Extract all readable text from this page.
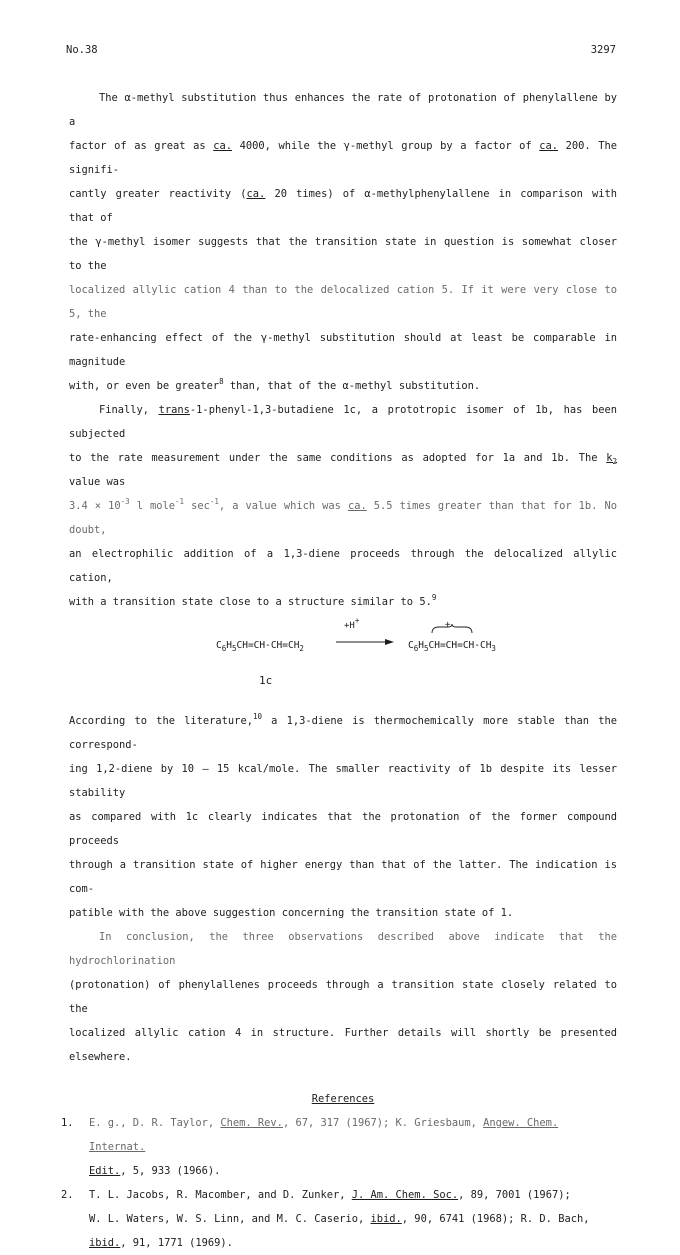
No.38	3297

The α-methyl substitution thus enhances the rate of protonation of phenylallene by a

factor of as great as ca. 4000, while the γ-methyl group by a factor of ca. 200. The signifi-

cantly greater reactivity (ca. 20 times) of α-methylphenylallene in comparison with that of

the γ-methyl isomer suggests that the transition state in question is somewhat closer to the

localized allylic cation 4 than to the delocalized cation 5. If it were very close to 5, the

rate-enhancing effect of the γ-methyl substitution should at least be comparable in magnitude

with, or even be greater$^8$ than, that of the α-methyl substitution.

Finally, trans-1-phenyl-1,3-butadiene 1c, a prototropic isomer of 1b, has been subjected

to the rate measurement under the same conditions as adopted for 1a and 1b. The $k_2$ value was

$3.4 \times 10^{-3}$ l mole$^{-1}$ $\sec^{-1}$, a value which was ca. 5.5 times greater than that for 1b. No doubt,

an electrophilic addition of a 1,3-diene proceeds through the delocalized allylic cation,

with a transition state close to a structure similar to 5.$^9$

$C_6H_5CH=CH-CH=CH_2$
+H+	+
$C_6H_5CH=CH=CH-CH_3$
1c

According to the literature,$^{10}$ a 1,3-diene is thermochemically more stable than the correspond-

ing 1,2-diene by 10 — 15 kcal/mole. The smaller reactivity of 1b despite its lesser stability

as compared with 1c clearly indicates that the protonation of the former compound proceeds

through a transition state of higher energy than that of the latter. The indication is com-

patible with the above suggestion concerning the transition state of 1.

In conclusion, the three observations described above indicate that the hydrochlorination

(protonation) of phenylallenes proceeds through a transition state closely related to the

localized allylic cation 4 in structure. Further details will shortly be presented elsewhere.

References
1. E. g., D. R. Taylor, Chem. Rev., 67, 317 (1967); K. Griesbaum, Angew. Chem. Internat.
Edit., 5, 933 (1966).
2. T. L. Jacobs, R. Macomber, and D. Zunker, J. Am. Chem. Soc., 89, 7001 (1967);
W. L. Waters, W. S. Linn, and M. C. Caserio, ibid., 90, 6741 (1968); R. D. Bach,
ibid., 91, 1771 (1969).
